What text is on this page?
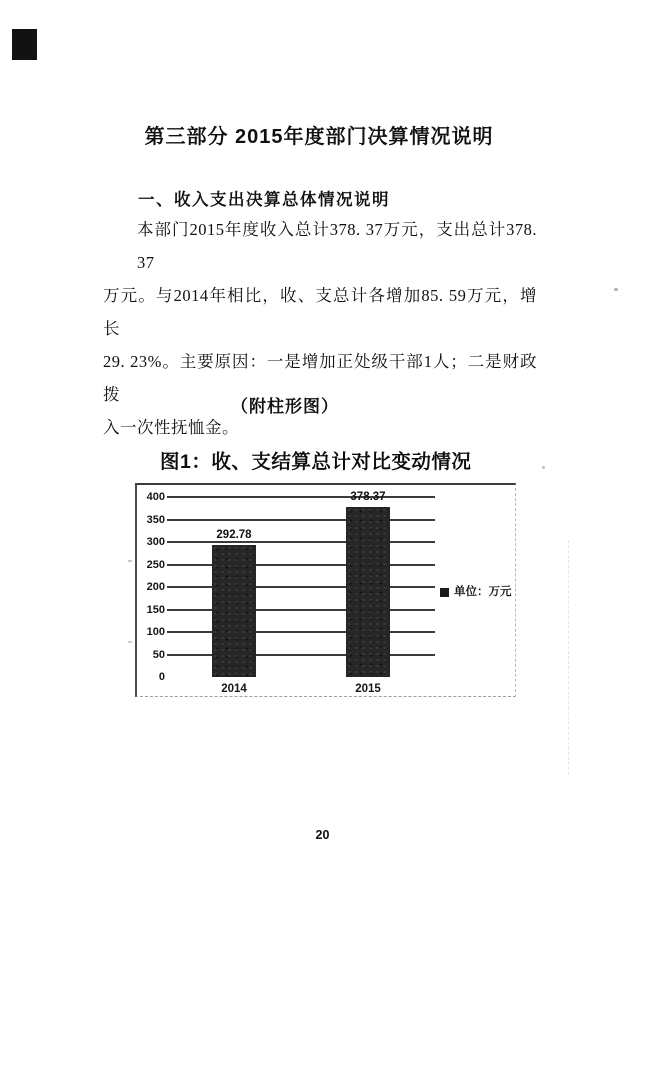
第三部分 2015年度部门决算情况说明
一、收入支出决算总体情况说明
本部门2015年度收入总计378. 37万元，支出总计378. 37
万元。与2014年相比，收、支总计各增加85. 59万元，增长
29. 23%。主要原因：一是增加正处级干部1人；二是财政拨
入一次性抚恤金。
（附柱形图）
图1：收、支结算总计对比变动情况
400
350
300
250
200
150
100
50
0
292.78
2014
378.37
2015
单位：万元
20
